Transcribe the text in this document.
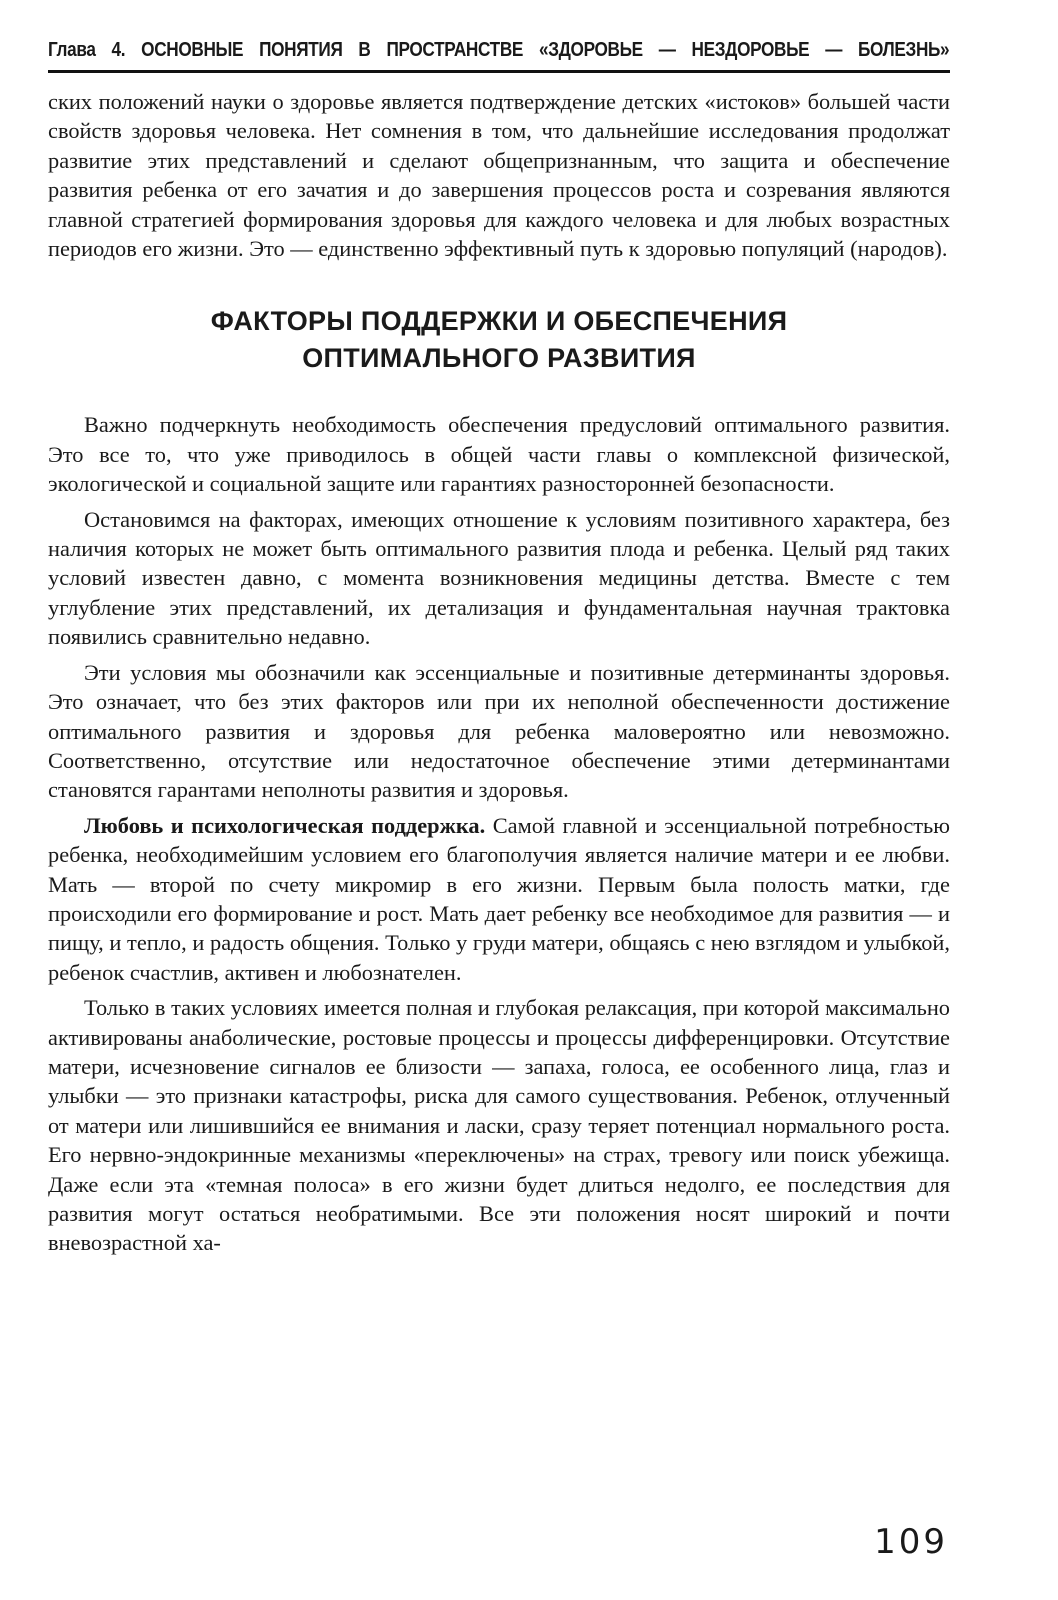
Глава 4. ОСНОВНЫЕ ПОНЯТИЯ В ПРОСТРАНСТВЕ «ЗДОРОВЬЕ — НЕЗДОРОВЬЕ — БОЛЕЗНЬ»

ских положений науки о здоровье является подтверждение детских «истоков» большей части свойств здоровья человека. Нет сомнения в том, что дальнейшие исследования продолжат развитие этих представлений и сделают общепризнанным, что защита и обеспечение развития ребенка от его зачатия и до завершения процессов роста и созревания являются главной стратегией формирования здоровья для каждого человека и для любых возрастных периодов его жизни. Это — единственно эффективный путь к здоровью популяций (народов).

ФАКТОРЫ ПОДДЕРЖКИ И ОБЕСПЕЧЕНИЯ
ОПТИМАЛЬНОГО РАЗВИТИЯ

Важно подчеркнуть необходимость обеспечения предусловий оптимального развития. Это все то, что уже приводилось в общей части главы о комплексной физической, экологической и социальной защите или гарантиях разносторонней безопасности.

Остановимся на факторах, имеющих отношение к условиям позитивного характера, без наличия которых не может быть оптимального развития плода и ребенка. Целый ряд таких условий известен давно, с момента возникновения медицины детства. Вместе с тем углубление этих представлений, их детализация и фундаментальная научная трактовка появились сравнительно недавно.

Эти условия мы обозначили как эссенциальные и позитивные детерминанты здоровья. Это означает, что без этих факторов или при их неполной обеспеченности достижение оптимального развития и здоровья для ребенка маловероятно или невозможно. Соответственно, отсутствие или недостаточное обеспечение этими детерминантами становятся гарантами неполноты развития и здоровья.

Любовь и психологическая поддержка. Самой главной и эссенциальной потребностью ребенка, необходимейшим условием его благополучия является наличие матери и ее любви. Мать — второй по счету микромир в его жизни. Первым была полость матки, где происходили его формирование и рост. Мать дает ребенку все необходимое для развития — и пищу, и тепло, и радость общения. Только у груди матери, общаясь с нею взглядом и улыбкой, ребенок счастлив, активен и любознателен.

Только в таких условиях имеется полная и глубокая релаксация, при которой максимально активированы анаболические, ростовые процессы и процессы дифференцировки. Отсутствие матери, исчезновение сигналов ее близости — запаха, голоса, ее особенного лица, глаз и улыбки — это признаки катастрофы, риска для самого существования. Ребенок, отлученный от матери или лишившийся ее внимания и ласки, сразу теряет потенциал нормального роста. Его нервно-эндокринные механизмы «переключены» на страх, тревогу или поиск убежища. Даже если эта «темная полоса» в его жизни будет длиться недолго, ее последствия для развития могут остаться необратимыми. Все эти положения носят широкий и почти вневозрастной ха-

109
